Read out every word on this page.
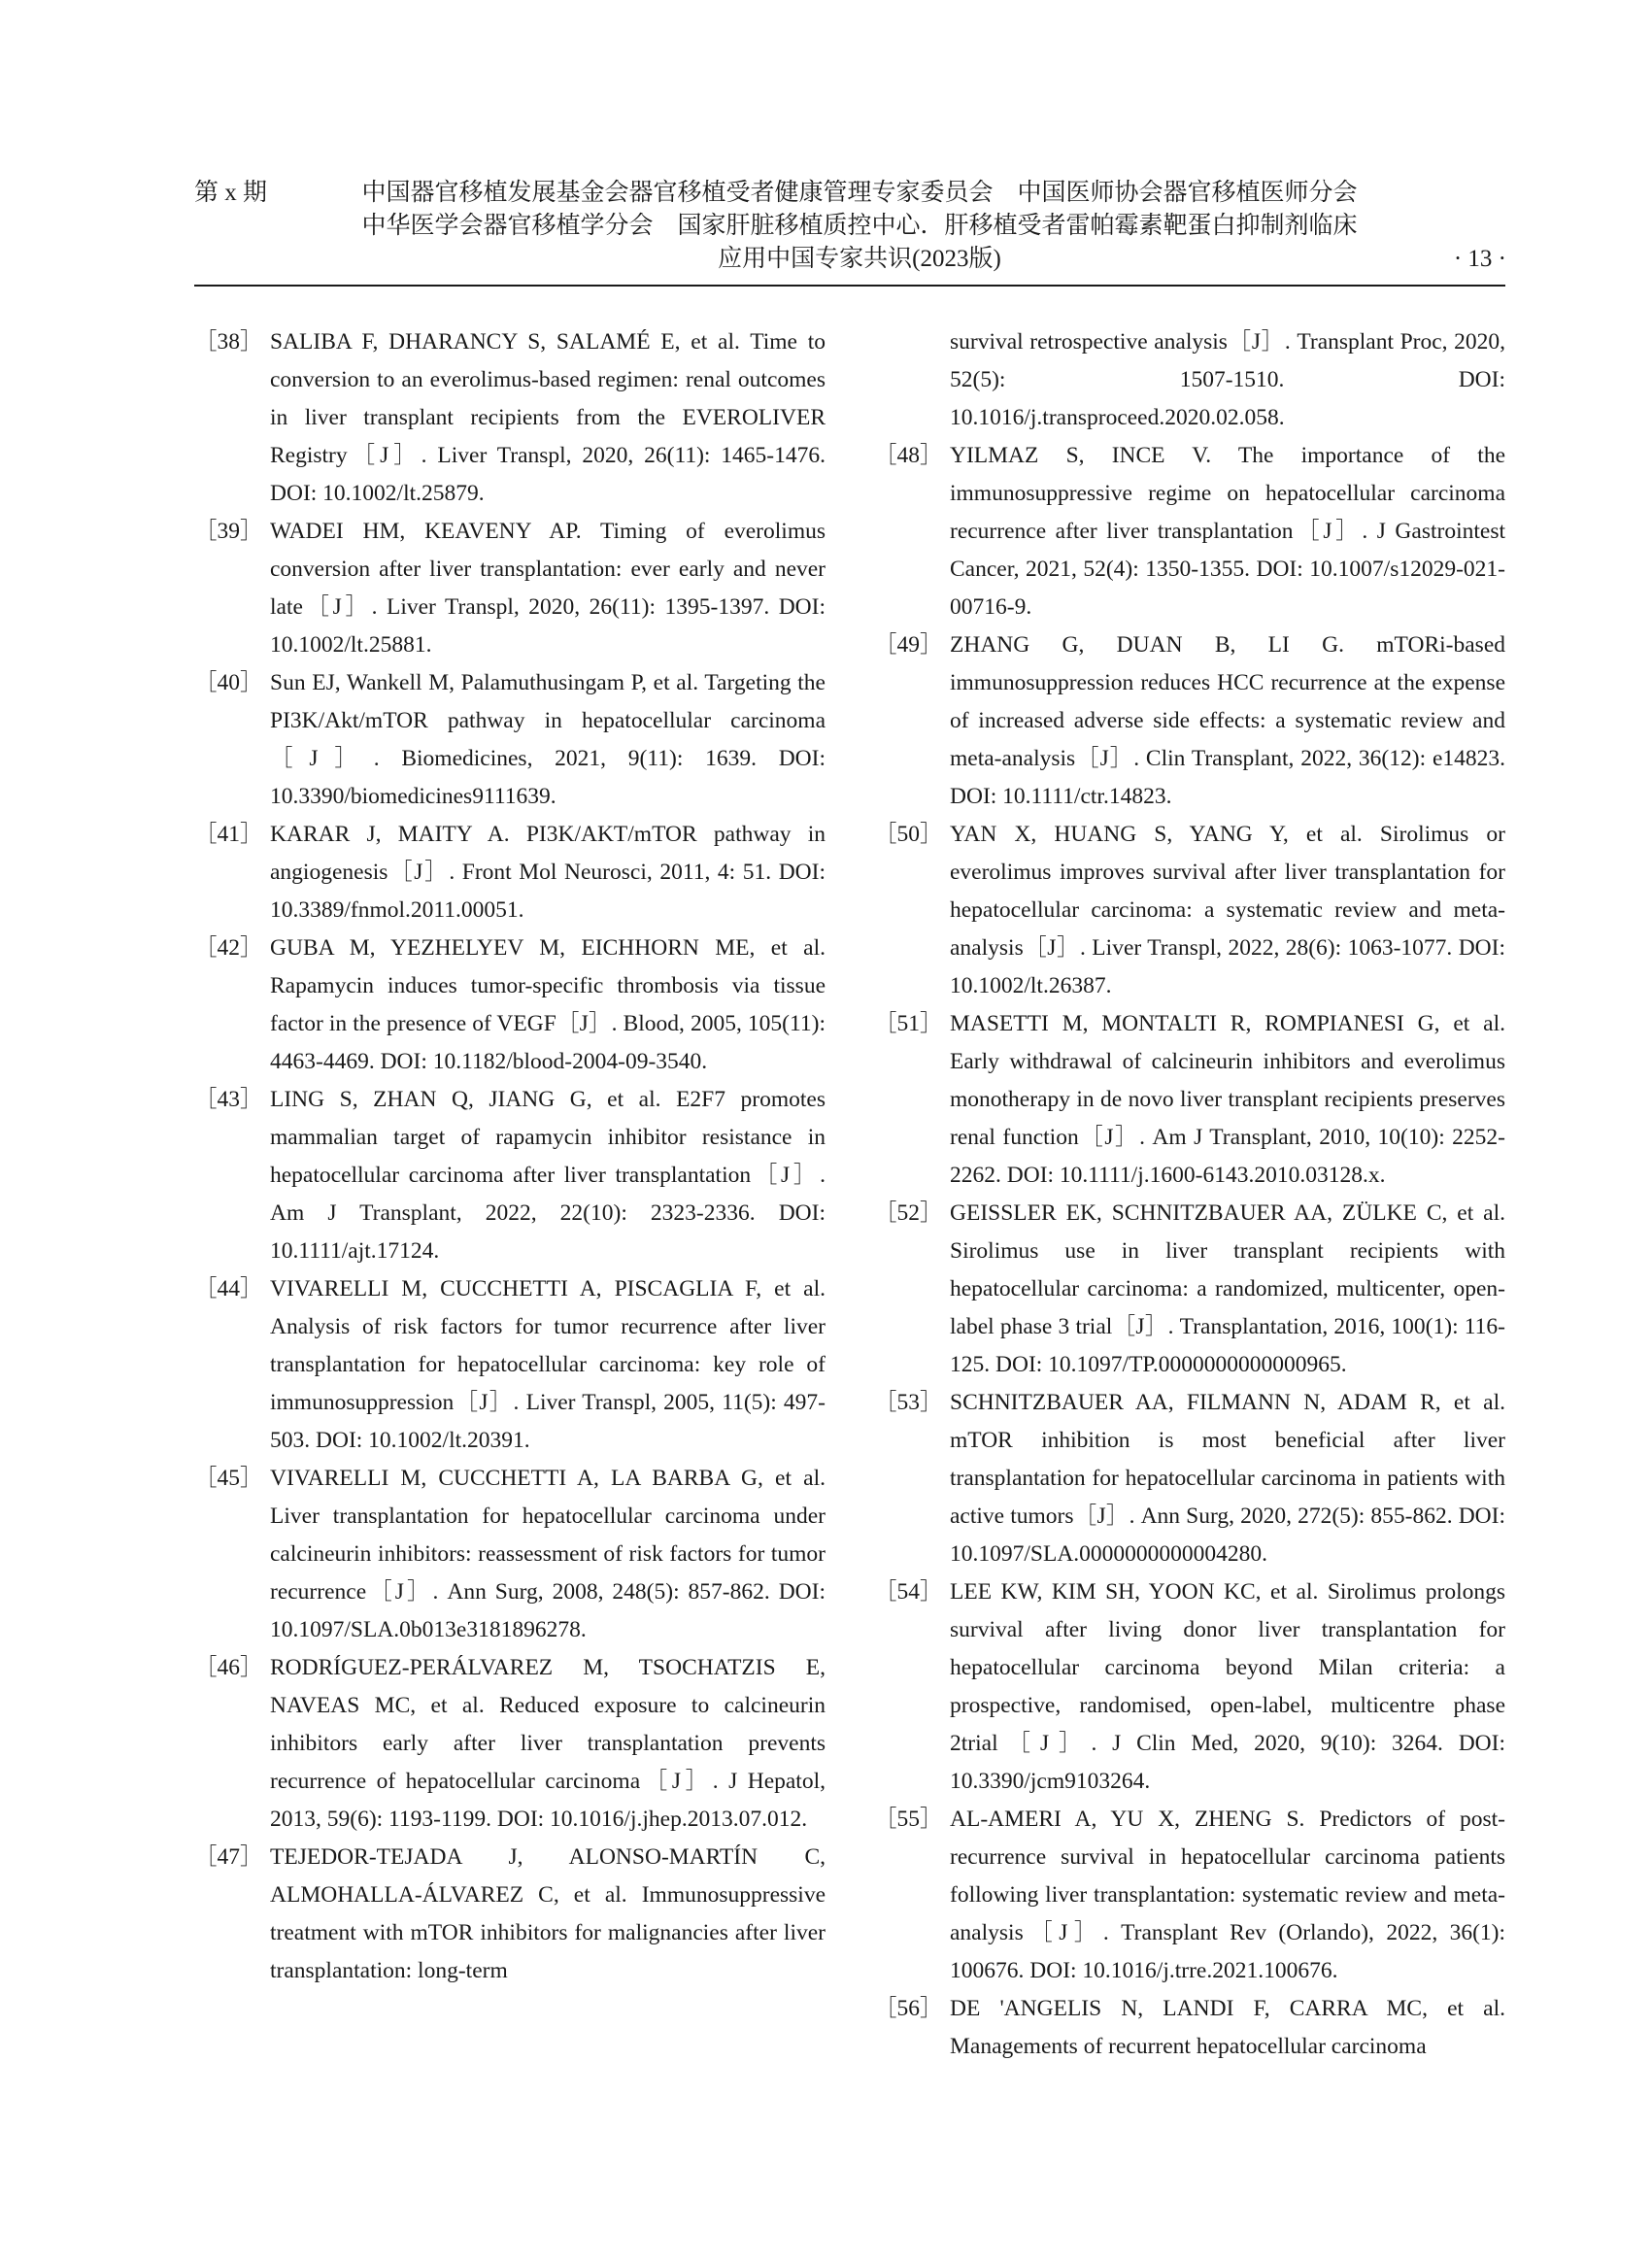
第 x 期	中国器官移植发展基金会器官移植受者健康管理专家委员会　中国医师协会器官移植医师分会
中华医学会器官移植学分会　国家肝脏移植质控中心．肝移植受者雷帕霉素靶蛋白抑制剂临床
应用中国专家共识(2023版)	· 13 ·
［38］ SALIBA F, DHARANCY S, SALAMÉ E, et al. Time to conversion to an everolimus-based regimen: renal outcomes in liver transplant recipients from the EVEROLIVER Registry［J］. Liver Transpl, 2020, 26(11): 1465-1476. DOI: 10.1002/lt.25879.
［39］ WADEI HM, KEAVENY AP. Timing of everolimus conversion after liver transplantation: ever early and never late［J］. Liver Transpl, 2020, 26(11): 1395-1397. DOI: 10.1002/lt.25881.
［40］ Sun EJ, Wankell M, Palamuthusingam P, et al. Targeting the PI3K/Akt/mTOR pathway in hepatocellular carcinoma［J］. Biomedicines, 2021, 9(11): 1639. DOI: 10.3390/biomedicines9111639.
［41］ KARAR J, MAITY A. PI3K/AKT/mTOR pathway in angiogenesis［J］. Front Mol Neurosci, 2011, 4: 51. DOI: 10.3389/fnmol.2011.00051.
［42］ GUBA M, YEZHELYEV M, EICHHORN ME, et al. Rapamycin induces tumor-specific thrombosis via tissue factor in the presence of VEGF［J］. Blood, 2005, 105(11): 4463-4469. DOI: 10.1182/blood-2004-09-3540.
［43］ LING S, ZHAN Q, JIANG G, et al. E2F7 promotes mammalian target of rapamycin inhibitor resistance in hepatocellular carcinoma after liver transplantation［J］. Am J Transplant, 2022, 22(10): 2323-2336. DOI: 10.1111/ajt.17124.
［44］ VIVARELLI M, CUCCHETTI A, PISCAGLIA F, et al. Analysis of risk factors for tumor recurrence after liver transplantation for hepatocellular carcinoma: key role of immunosuppression［J］. Liver Transpl, 2005, 11(5): 497-503. DOI: 10.1002/lt.20391.
［45］ VIVARELLI M, CUCCHETTI A, LA BARBA G, et al. Liver transplantation for hepatocellular carcinoma under calcineurin inhibitors: reassessment of risk factors for tumor recurrence［J］. Ann Surg, 2008, 248(5): 857-862. DOI: 10.1097/SLA.0b013e3181896278.
［46］ RODRÍGUEZ-PERÁLVAREZ M, TSOCHATZIS E, NAVEAS MC, et al. Reduced exposure to calcineurin inhibitors early after liver transplantation prevents recurrence of hepatocellular carcinoma［J］. J Hepatol, 2013, 59(6): 1193-1199. DOI: 10.1016/j.jhep.2013.07.012.
［47］ TEJEDOR-TEJADA J, ALONSO-MARTÍN C, ALMOHALLA-ÁLVAREZ C, et al. Immunosuppressive treatment with mTOR inhibitors for malignancies after liver transplantation: long-term
survival retrospective analysis［J］. Transplant Proc, 2020, 52(5): 1507-1510. DOI: 10.1016/j.transproceed.2020.02.058.
［48］ YILMAZ S, INCE V. The importance of the immunosuppressive regime on hepatocellular carcinoma recurrence after liver transplantation［J］. J Gastrointest Cancer, 2021, 52(4): 1350-1355. DOI: 10.1007/s12029-021-00716-9.
［49］ ZHANG G, DUAN B, LI G. mTORi-based immunosuppression reduces HCC recurrence at the expense of increased adverse side effects: a systematic review and meta-analysis［J］. Clin Transplant, 2022, 36(12): e14823. DOI: 10.1111/ctr.14823.
［50］ YAN X, HUANG S, YANG Y, et al. Sirolimus or everolimus improves survival after liver transplantation for hepatocellular carcinoma: a systematic review and meta-analysis［J］. Liver Transpl, 2022, 28(6): 1063-1077. DOI: 10.1002/lt.26387.
［51］ MASETTI M, MONTALTI R, ROMPIANESI G, et al. Early withdrawal of calcineurin inhibitors and everolimus monotherapy in de novo liver transplant recipients preserves renal function［J］. Am J Transplant, 2010, 10(10): 2252-2262. DOI: 10.1111/j.1600-6143.2010.03128.x.
［52］ GEISSLER EK, SCHNITZBAUER AA, ZÜLKE C, et al. Sirolimus use in liver transplant recipients with hepatocellular carcinoma: a randomized, multicenter, open-label phase 3 trial［J］. Transplantation, 2016, 100(1): 116-125. DOI: 10.1097/TP.0000000000000965.
［53］ SCHNITZBAUER AA, FILMANN N, ADAM R, et al. mTOR inhibition is most beneficial after liver transplantation for hepatocellular carcinoma in patients with active tumors［J］. Ann Surg, 2020, 272(5): 855-862. DOI: 10.1097/SLA.0000000000004280.
［54］ LEE KW, KIM SH, YOON KC, et al. Sirolimus prolongs survival after living donor liver transplantation for hepatocellular carcinoma beyond Milan criteria: a prospective, randomised, open-label, multicentre phase 2trial［J］. J Clin Med, 2020, 9(10): 3264. DOI: 10.3390/jcm9103264.
［55］ AL-AMERI A, YU X, ZHENG S. Predictors of post-recurrence survival in hepatocellular carcinoma patients following liver transplantation: systematic review and meta-analysis［J］. Transplant Rev (Orlando), 2022, 36(1): 100676. DOI: 10.1016/j.trre.2021.100676.
［56］ DE 'ANGELIS N, LANDI F, CARRA MC, et al. Managements of recurrent hepatocellular carcinoma
